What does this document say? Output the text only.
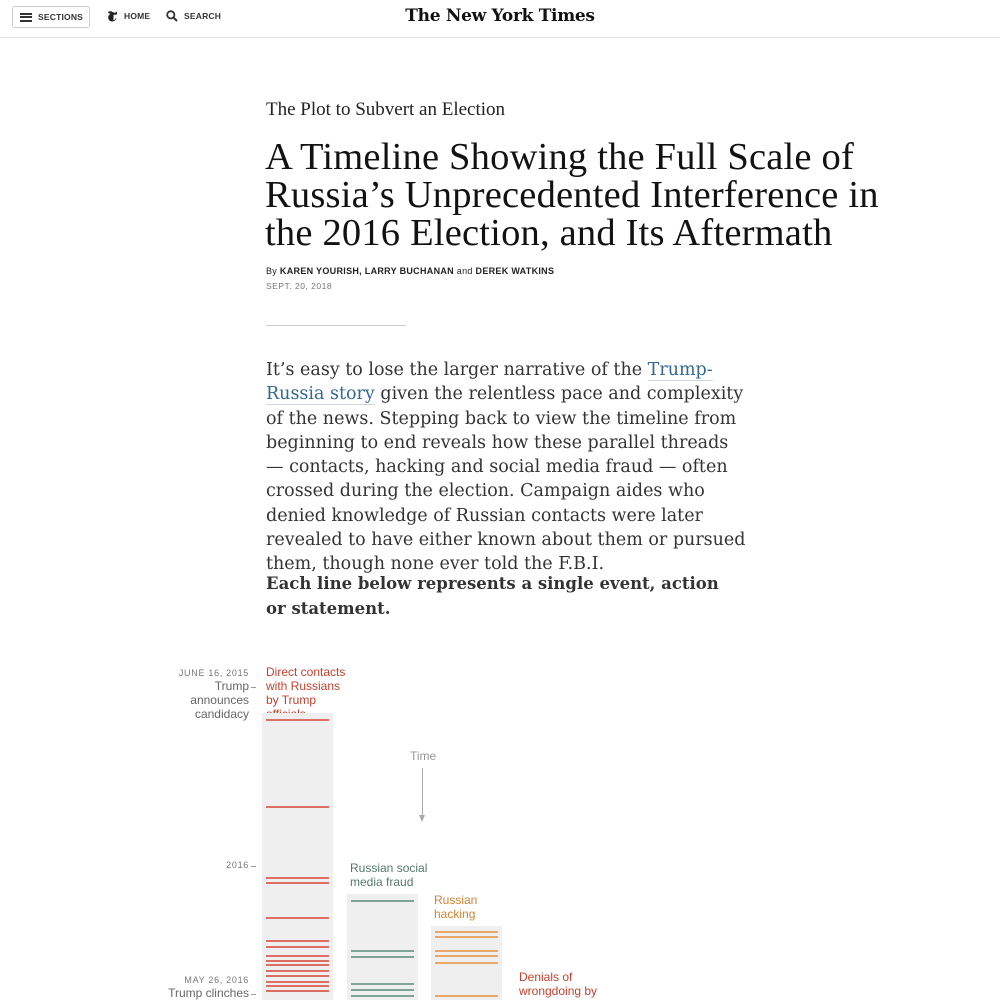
SECTIONS	HOME	SEARCH	The New York Times
The Plot to Subvert an Election
A Timeline Showing the Full Scale of Russia’s Unprecedented Interference in the 2016 Election, and Its Aftermath
By KAREN YOURISH, LARRY BUCHANAN and DEREK WATKINS
SEPT. 20, 2018

It’s easy to lose the larger narrative of the Trump-Russia story given the relentless pace and complexity of the news. Stepping back to view the timeline from beginning to end reveals how these parallel threads — contacts, hacking and social media fraud — often crossed during the election. Campaign aides who denied knowledge of Russian contacts were later revealed to have either known about them or pursued them, though none ever told the F.B.I.

Each line below represents a single event, action or statement.

JUNE 16, 2015
Trump announces candidacy
2016
MAY 26, 2016
Trump clinches
Direct contacts with Russians by Trump
Russian social media fraud
Russian hacking
Denials of wrongdoing by
Time
